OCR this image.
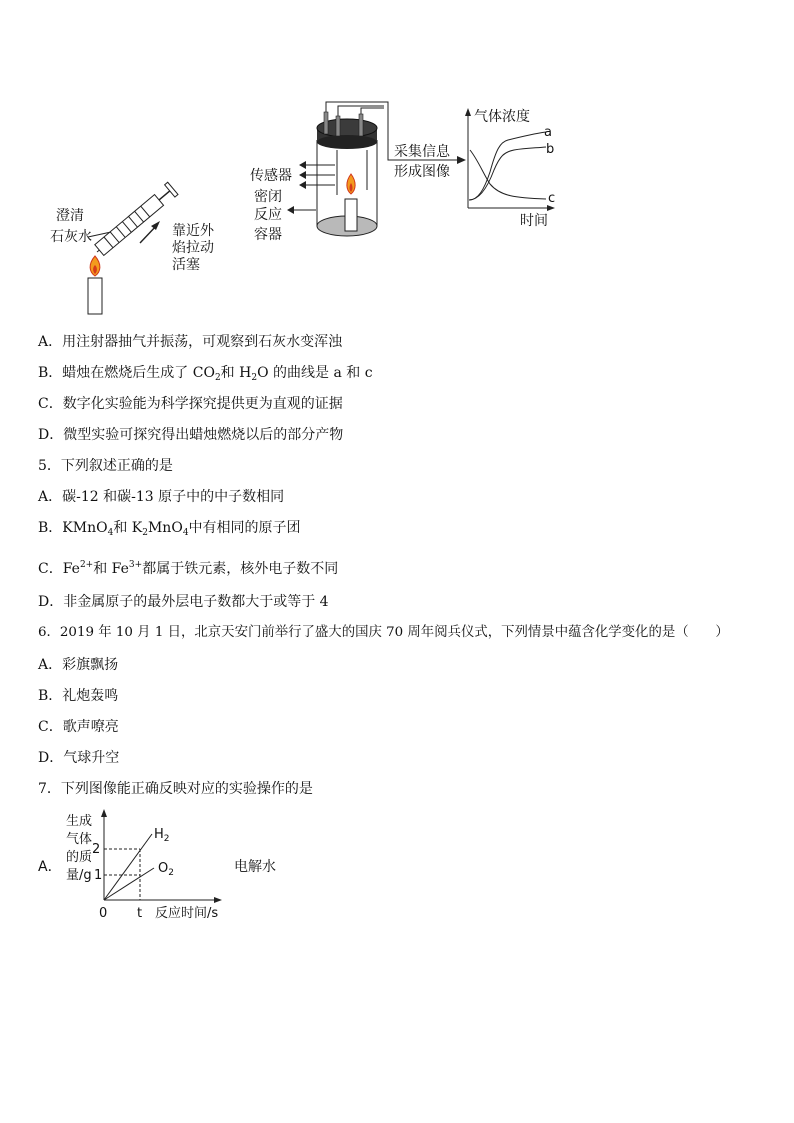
澄清
石灰水	靠近外
焰拉动
活塞
传感器
密闭
反应
容器
采集信息
形成图像
气体浓度
时间
a
b
c
A．用注射器抽气并振荡，可观察到石灰水变浑浊
B．蜡烛在燃烧后生成了 $CO_2$和 $H_2O$ 的曲线是 a 和 c
C．数字化实验能为科学探究提供更为直观的证据
D．微型实验可探究得出蜡烛燃烧以后的部分产物
5．下列叙述正确的是
A．碳-12 和碳-13 原子中的中子数相同
B．KMnO$_4$和 $K_2MnO_4$中有相同的原子团
C．$Fe^{2+}$和 $Fe^{3+}$都属于铁元素，核外电子数不同
D．非金属原子的最外层电子数都大于或等于 4
6．2019 年 10 月 1 日，北京天安门前举行了盛大的国庆 70 周年阅兵仪式，下列情景中蕴含化学变化的是（　　）
A．彩旗飘扬
B．礼炮轰鸣
C．歌声嘹亮
D．气球升空
7．下列图像能正确反映对应的实验操作的是
A．
生成
气体
的质
量/g
2
1
0 t 反应时间/s
$H_2$
$O_2$	电解水
